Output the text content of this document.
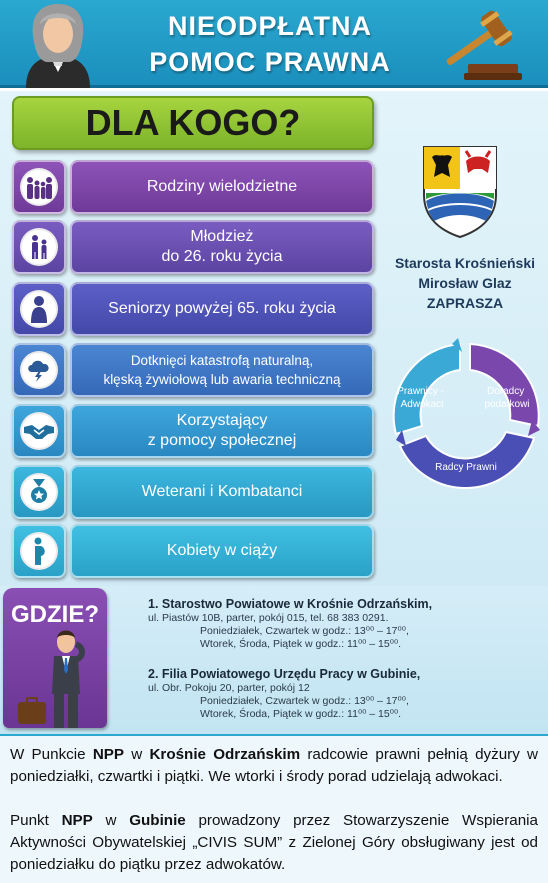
NIEODPŁATNA
POMOC PRAWNA
DLA KOGO?
Rodziny wielodzietne
Młodzież
do 26. roku życia
Seniorzy powyżej 65. roku życia
Dotknięci katastrofą naturalną,
klęską żywiołową lub awaria techniczną
Korzystający
z pomocy społecznej
Weterani i Kombatanci
Kobiety w ciąży
Starosta Krośnieński
Mirosław Glaz
ZAPRASZA
Prawnicy - Adwokaci
Doradcy podatkowi
Radcy Prawni
GDZIE?	1. Starostwo Powiatowe w Krośnie Odrzańskim,
ul. Piastów 10B, parter, pokój 015, tel. 68 383 0291.
Poniedziałek, Czwartek w godz.: 13⁰⁰ – 17⁰⁰,
Wtorek, Środa, Piątek w godz.: 11⁰⁰ – 15⁰⁰.
2. Filia Powiatowego Urzędu Pracy w Gubinie,
ul. Obr. Pokoju 20, parter, pokój 12
Poniedziałek, Czwartek w godz.: 13⁰⁰ – 17⁰⁰,
Wtorek, Środa, Piątek w godz.: 11⁰⁰ – 15⁰⁰.

W Punkcie NPP w Krośnie Odrzańskim radcowie prawni pełnią dyżury w poniedziałki, czwartki i piątki. We wtorki i środy porad udzielają adwokaci.

Punkt NPP w Gubinie prowadzony przez Stowarzyszenie Wspierania Aktywności Obywatelskiej „CIVIS SUM” z Zielonej Góry obsługiwany jest od poniedziałku do piątku przez adwokatów.
